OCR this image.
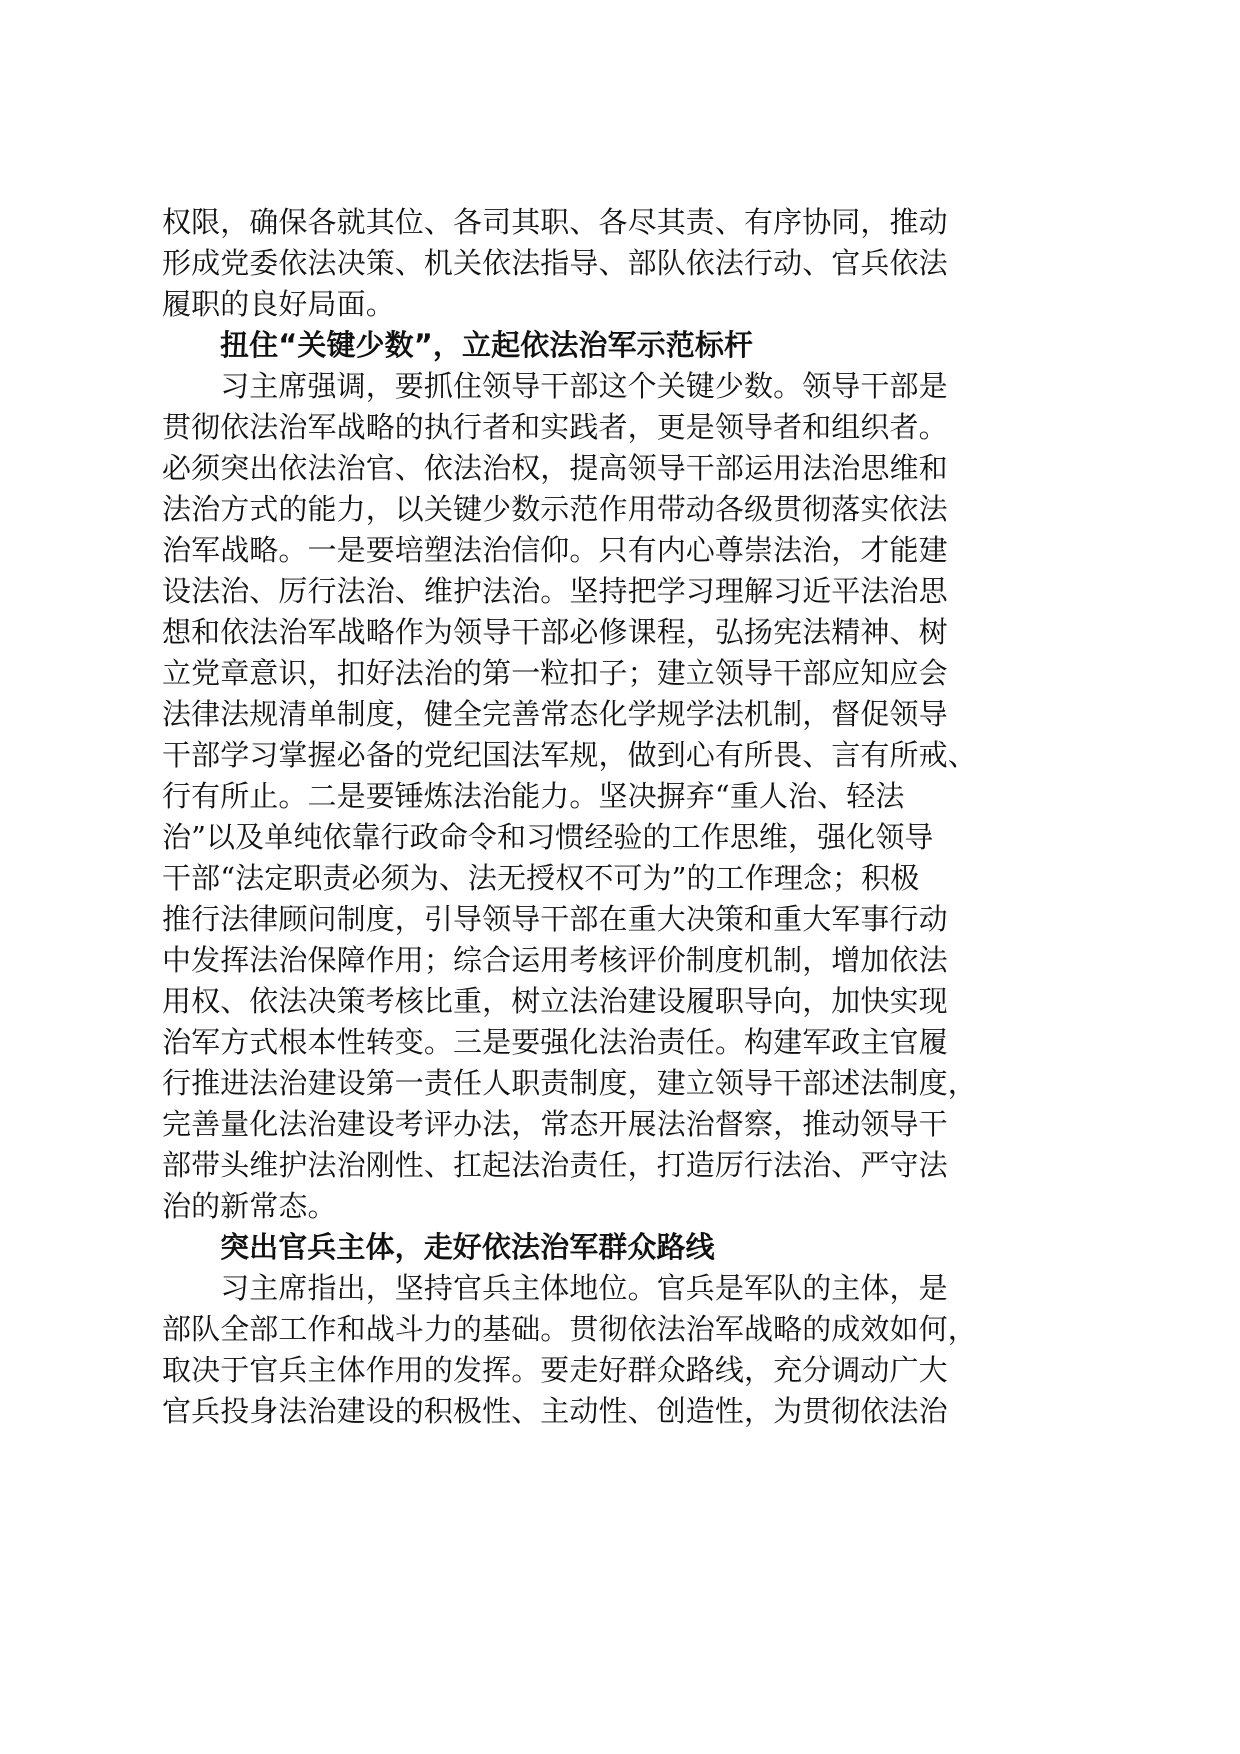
权限，确保各就其位、各司其职、各尽其责、有序协同，推动
形成党委依法决策、机关依法指导、部队依法行动、官兵依法
履职的良好局面。
扭住“关键少数”，立起依法治军示范标杆
　　习主席强调，要抓住领导干部这个关键少数。领导干部是
贯彻依法治军战略的执行者和实践者，更是领导者和组织者。
必须突出依法治官、依法治权，提高领导干部运用法治思维和
法治方式的能力，以关键少数示范作用带动各级贯彻落实依法
治军战略。一是要培塑法治信仰。只有内心尊崇法治，才能建
设法治、厉行法治、维护法治。坚持把学习理解习近平法治思
想和依法治军战略作为领导干部必修课程，弘扬宪法精神、树
立党章意识，扣好法治的第一粒扣子；建立领导干部应知应会
法律法规清单制度，健全完善常态化学规学法机制，督促领导
干部学习掌握必备的党纪国法军规，做到心有所畏、言有所戒、
行有所止。二是要锤炼法治能力。坚决摒弃“重人治、轻法
治”以及单纯依靠行政命令和习惯经验的工作思维，强化领导
干部“法定职责必须为、法无授权不可为”的工作理念；积极
推行法律顾问制度，引导领导干部在重大决策和重大军事行动
中发挥法治保障作用；综合运用考核评价制度机制，增加依法
用权、依法决策考核比重，树立法治建设履职导向，加快实现
治军方式根本性转变。三是要强化法治责任。构建军政主官履
行推进法治建设第一责任人职责制度，建立领导干部述法制度，
完善量化法治建设考评办法，常态开展法治督察，推动领导干
部带头维护法治刚性、扛起法治责任，打造厉行法治、严守法
治的新常态。
突出官兵主体，走好依法治军群众路线
　　习主席指出，坚持官兵主体地位。官兵是军队的主体，是
部队全部工作和战斗力的基础。贯彻依法治军战略的成效如何，
取决于官兵主体作用的发挥。要走好群众路线，充分调动广大
官兵投身法治建设的积极性、主动性、创造性，为贯彻依法治
